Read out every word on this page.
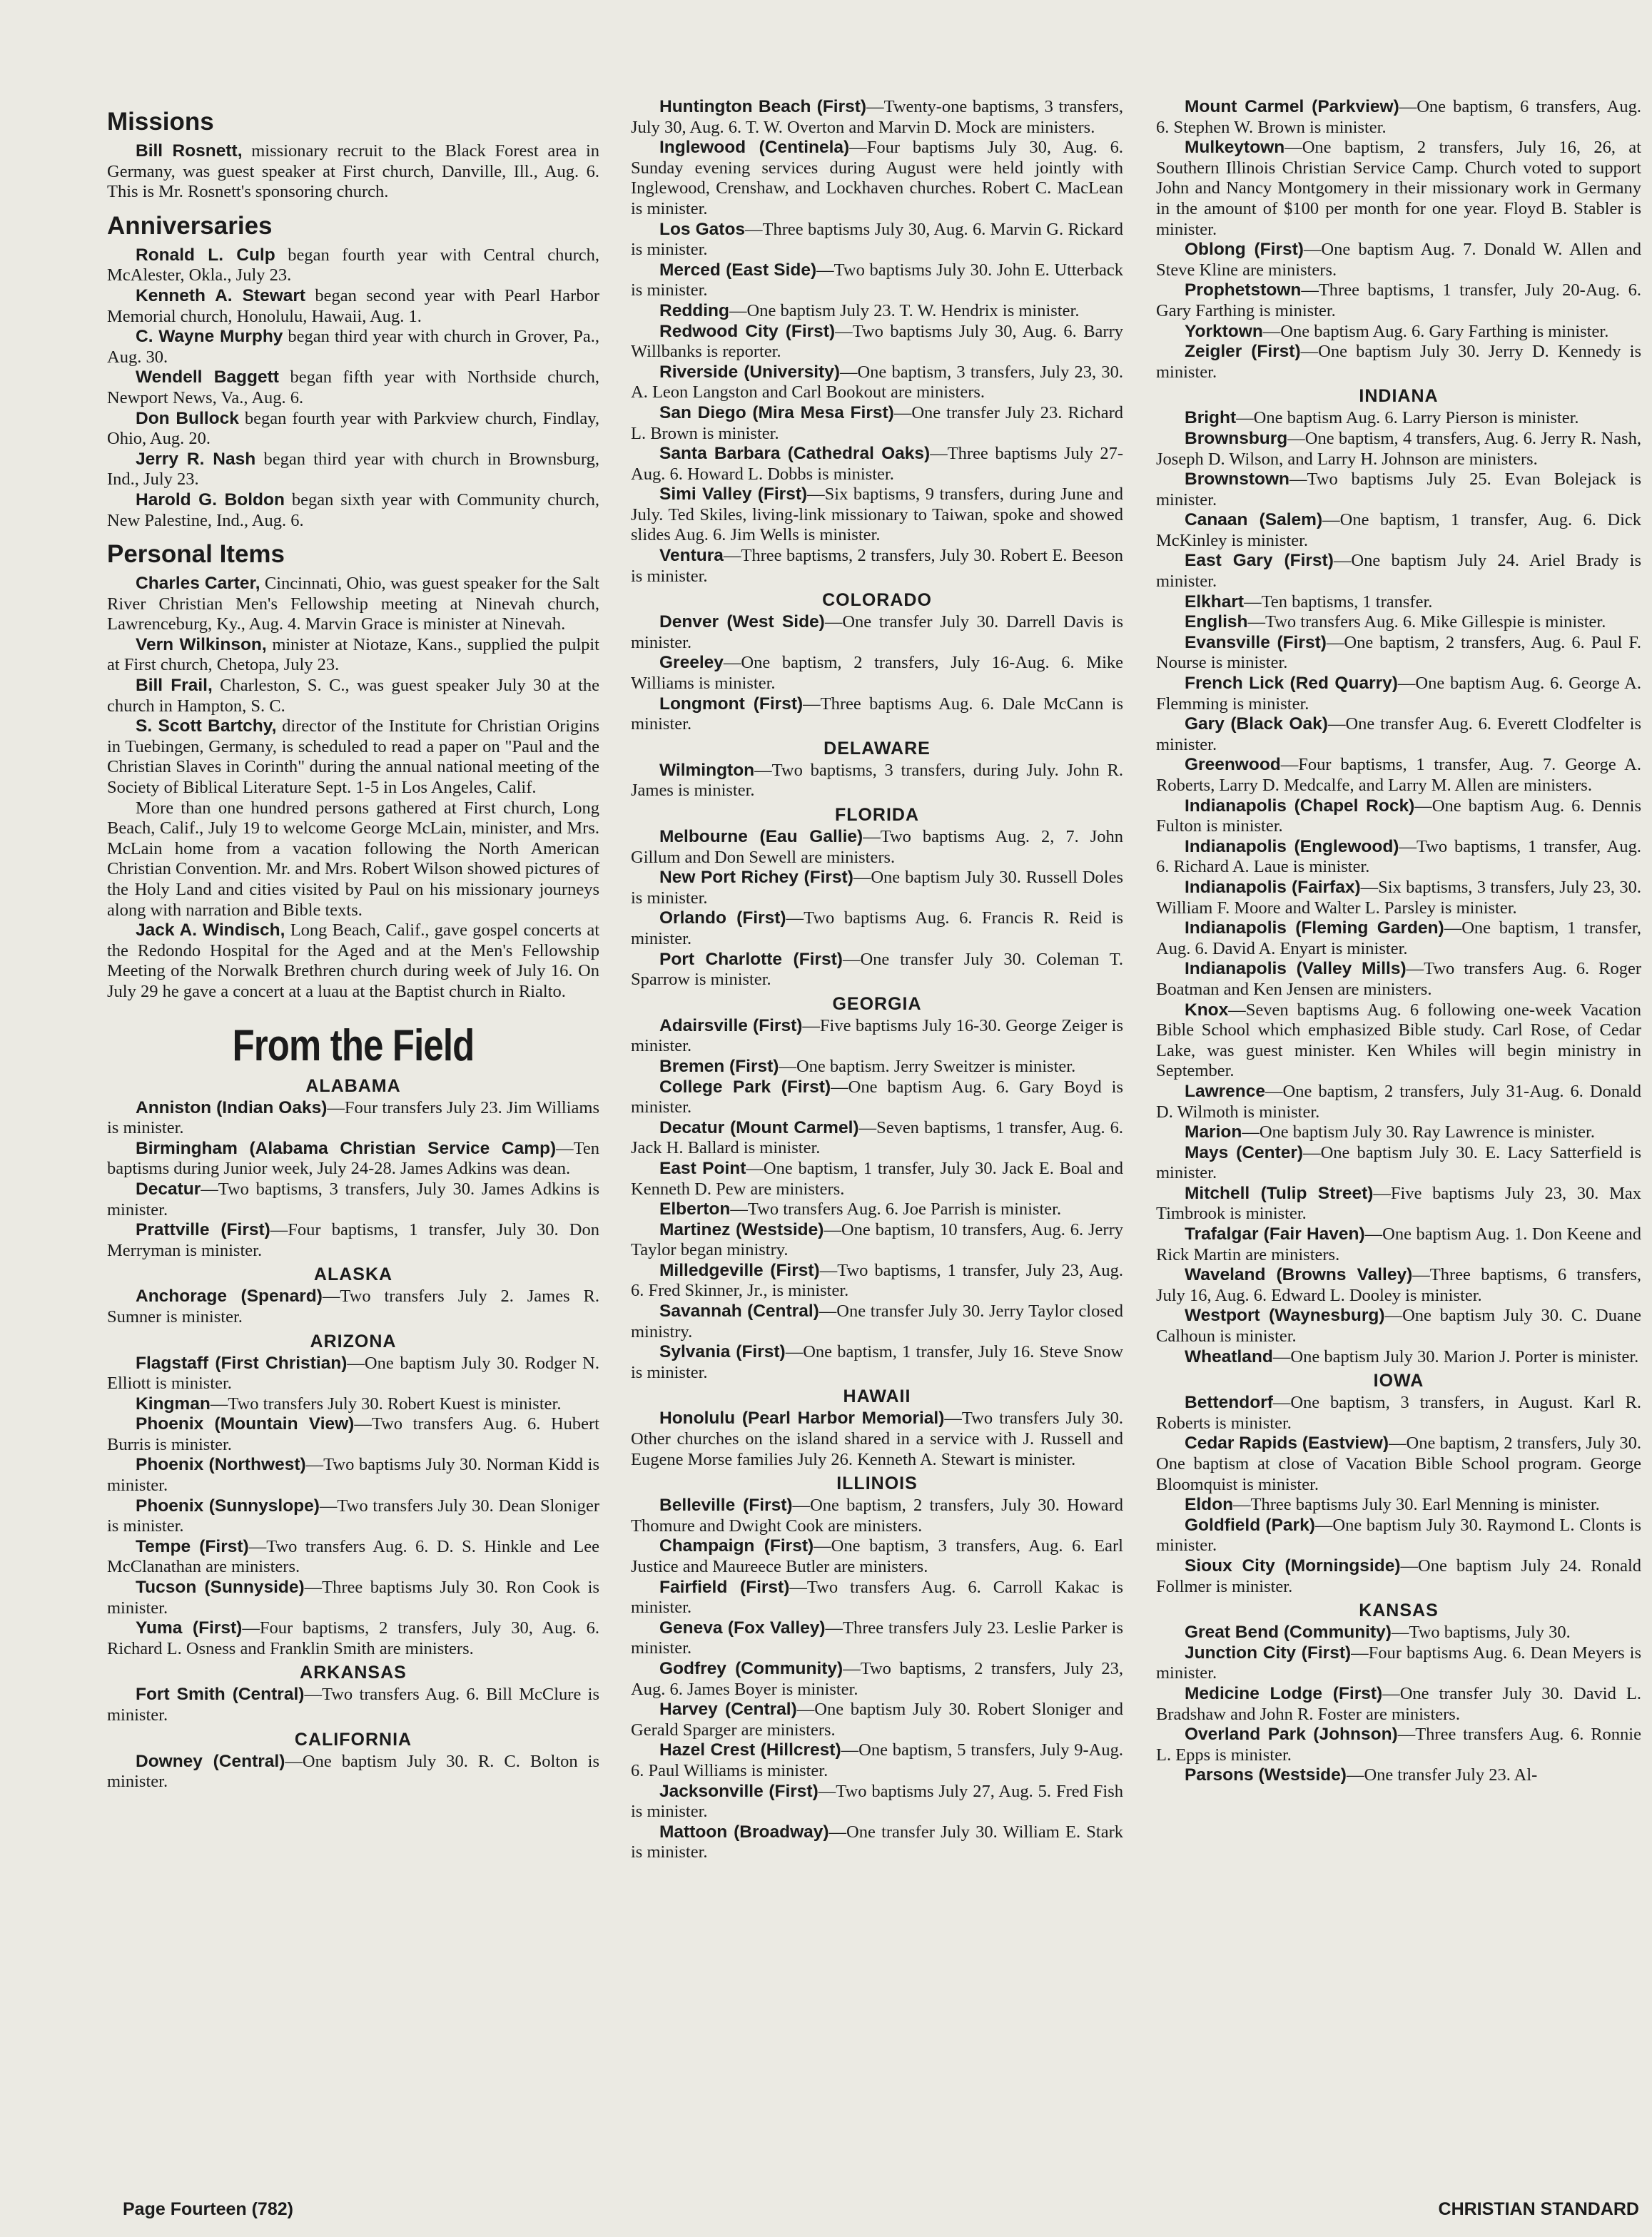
Missions

Bill Rosnett, missionary recruit to the Black Forest area in Germany, was guest speaker at First church, Danville, Ill., Aug. 6. This is Mr. Rosnett's sponsoring church.

Anniversaries

Ronald L. Culp began fourth year with Central church, McAlester, Okla., July 23.

Kenneth A. Stewart began second year with Pearl Harbor Memorial church, Honolulu, Hawaii, Aug. 1.

C. Wayne Murphy began third year with church in Grover, Pa., Aug. 30.

Wendell Baggett began fifth year with Northside church, Newport News, Va., Aug. 6.

Don Bullock began fourth year with Parkview church, Findlay, Ohio, Aug. 20.

Jerry R. Nash began third year with church in Brownsburg, Ind., July 23.

Harold G. Boldon began sixth year with Community church, New Palestine, Ind., Aug. 6.

Personal Items

Charles Carter, Cincinnati, Ohio, was guest speaker for the Salt River Christian Men's Fellowship meeting at Ninevah church, Lawrenceburg, Ky., Aug. 4. Marvin Grace is minister at Ninevah.

Vern Wilkinson, minister at Niotaze, Kans., supplied the pulpit at First church, Chetopa, July 23.

Bill Frail, Charleston, S. C., was guest speaker July 30 at the church in Hampton, S. C.

S. Scott Bartchy, director of the Institute for Christian Origins in Tuebingen, Germany, is scheduled to read a paper on "Paul and the Christian Slaves in Corinth" during the annual national meeting of the Society of Biblical Literature Sept. 1-5 in Los Angeles, Calif.

More than one hundred persons gathered at First church, Long Beach, Calif., July 19 to welcome George McLain, minister, and Mrs. McLain home from a vacation following the North American Christian Convention. Mr. and Mrs. Robert Wilson showed pictures of the Holy Land and cities visited by Paul on his missionary journeys along with narration and Bible texts.

Jack A. Windisch, Long Beach, Calif., gave gospel concerts at the Redondo Hospital for the Aged and at the Men's Fellowship Meeting of the Norwalk Brethren church during week of July 16. On July 29 he gave a concert at a luau at the Baptist church in Rialto.

From the Field
ALABAMA

Anniston (Indian Oaks)—Four transfers July 23. Jim Williams is minister.

Birmingham (Alabama Christian Service Camp)—Ten baptisms during Junior week, July 24-28. James Adkins was dean.

Decatur—Two baptisms, 3 transfers, July 30. James Adkins is minister.

Prattville (First)—Four baptisms, 1 transfer, July 30. Don Merryman is minister.

ALASKA

Anchorage (Spenard)—Two transfers July 2. James R. Sumner is minister.

ARIZONA

Flagstaff (First Christian)—One baptism July 30. Rodger N. Elliott is minister.

Kingman—Two transfers July 30. Robert Kuest is minister.

Phoenix (Mountain View)—Two transfers Aug. 6. Hubert Burris is minister.

Phoenix (Northwest)—Two baptisms July 30. Norman Kidd is minister.

Phoenix (Sunnyslope)—Two transfers July 30. Dean Sloniger is minister.

Tempe (First)—Two transfers Aug. 6. D. S. Hinkle and Lee McClanathan are ministers.

Tucson (Sunnyside)—Three baptisms July 30. Ron Cook is minister.

Yuma (First)—Four baptisms, 2 transfers, July 30, Aug. 6. Richard L. Osness and Franklin Smith are ministers.

ARKANSAS

Fort Smith (Central)—Two transfers Aug. 6. Bill McClure is minister.

CALIFORNIA

Downey (Central)—One baptism July 30. R. C. Bolton is minister.

Huntington Beach (First)—Twenty-one baptisms, 3 transfers, July 30, Aug. 6. T. W. Overton and Marvin D. Mock are ministers.

Inglewood (Centinela)—Four baptisms July 30, Aug. 6. Sunday evening services during August were held jointly with Inglewood, Crenshaw, and Lockhaven churches. Robert C. MacLean is minister.

Los Gatos—Three baptisms July 30, Aug. 6. Marvin G. Rickard is minister.

Merced (East Side)—Two baptisms July 30. John E. Utterback is minister.

Redding—One baptism July 23. T. W. Hendrix is minister.

Redwood City (First)—Two baptisms July 30, Aug. 6. Barry Willbanks is reporter.

Riverside (University)—One baptism, 3 transfers, July 23, 30. A. Leon Langston and Carl Bookout are ministers.

San Diego (Mira Mesa First)—One transfer July 23. Richard L. Brown is minister.

Santa Barbara (Cathedral Oaks)—Three baptisms July 27-Aug. 6. Howard L. Dobbs is minister.

Simi Valley (First)—Six baptisms, 9 transfers, during June and July. Ted Skiles, living-link missionary to Taiwan, spoke and showed slides Aug. 6. Jim Wells is minister.

Ventura—Three baptisms, 2 transfers, July 30. Robert E. Beeson is minister.

COLORADO

Denver (West Side)—One transfer July 30. Darrell Davis is minister.

Greeley—One baptism, 2 transfers, July 16-Aug. 6. Mike Williams is minister.

Longmont (First)—Three baptisms Aug. 6. Dale McCann is minister.

DELAWARE

Wilmington—Two baptisms, 3 transfers, during July. John R. James is minister.

FLORIDA

Melbourne (Eau Gallie)—Two baptisms Aug. 2, 7. John Gillum and Don Sewell are ministers.

New Port Richey (First)—One baptism July 30. Russell Doles is minister.

Orlando (First)—Two baptisms Aug. 6. Francis R. Reid is minister.

Port Charlotte (First)—One transfer July 30. Coleman T. Sparrow is minister.

GEORGIA

Adairsville (First)—Five baptisms July 16-30. George Zeiger is minister.

Bremen (First)—One baptism. Jerry Sweitzer is minister.

College Park (First)—One baptism Aug. 6. Gary Boyd is minister.

Decatur (Mount Carmel)—Seven baptisms, 1 transfer, Aug. 6. Jack H. Ballard is minister.

East Point—One baptism, 1 transfer, July 30. Jack E. Boal and Kenneth D. Pew are ministers.

Elberton—Two transfers Aug. 6. Joe Parrish is minister.

Martinez (Westside)—One baptism, 10 transfers, Aug. 6. Jerry Taylor began ministry.

Milledgeville (First)—Two baptisms, 1 transfer, July 23, Aug. 6. Fred Skinner, Jr., is minister.

Savannah (Central)—One transfer July 30. Jerry Taylor closed ministry.

Sylvania (First)—One baptism, 1 transfer, July 16. Steve Snow is minister.

HAWAII

Honolulu (Pearl Harbor Memorial)—Two transfers July 30. Other churches on the island shared in a service with J. Russell and Eugene Morse families July 26. Kenneth A. Stewart is minister.

ILLINOIS

Belleville (First)—One baptism, 2 transfers, July 30. Howard Thomure and Dwight Cook are ministers.

Champaign (First)—One baptism, 3 transfers, Aug. 6. Earl Justice and Maureece Butler are ministers.

Fairfield (First)—Two transfers Aug. 6. Carroll Kakac is minister.

Geneva (Fox Valley)—Three transfers July 23. Leslie Parker is minister.

Godfrey (Community)—Two baptisms, 2 transfers, July 23, Aug. 6. James Boyer is minister.

Harvey (Central)—One baptism July 30. Robert Sloniger and Gerald Sparger are ministers.

Hazel Crest (Hillcrest)—One baptism, 5 transfers, July 9-Aug. 6. Paul Williams is minister.

Jacksonville (First)—Two baptisms July 27, Aug. 5. Fred Fish is minister.

Mattoon (Broadway)—One transfer July 30. William E. Stark is minister.

Mount Carmel (Parkview)—One baptism, 6 transfers, Aug. 6. Stephen W. Brown is minister.

Mulkeytown—One baptism, 2 transfers, July 16, 26, at Southern Illinois Christian Service Camp. Church voted to support John and Nancy Montgomery in their missionary work in Germany in the amount of $100 per month for one year. Floyd B. Stabler is minister.

Oblong (First)—One baptism Aug. 7. Donald W. Allen and Steve Kline are ministers.

Prophetstown—Three baptisms, 1 transfer, July 20-Aug. 6. Gary Farthing is minister.

Yorktown—One baptism Aug. 6. Gary Farthing is minister.

Zeigler (First)—One baptism July 30. Jerry D. Kennedy is minister.

INDIANA

Bright—One baptism Aug. 6. Larry Pierson is minister.

Brownsburg—One baptism, 4 transfers, Aug. 6. Jerry R. Nash, Joseph D. Wilson, and Larry H. Johnson are ministers.

Brownstown—Two baptisms July 25. Evan Bolejack is minister.

Canaan (Salem)—One baptism, 1 transfer, Aug. 6. Dick McKinley is minister.

East Gary (First)—One baptism July 24. Ariel Brady is minister.

Elkhart—Ten baptisms, 1 transfer.

English—Two transfers Aug. 6. Mike Gillespie is minister.

Evansville (First)—One baptism, 2 transfers, Aug. 6. Paul F. Nourse is minister.

French Lick (Red Quarry)—One baptism Aug. 6. George A. Flemming is minister.

Gary (Black Oak)—One transfer Aug. 6. Everett Clodfelter is minister.

Greenwood—Four baptisms, 1 transfer, Aug. 7. George A. Roberts, Larry D. Medcalfe, and Larry M. Allen are ministers.

Indianapolis (Chapel Rock)—One baptism Aug. 6. Dennis Fulton is minister.

Indianapolis (Englewood)—Two baptisms, 1 transfer, Aug. 6. Richard A. Laue is minister.

Indianapolis (Fairfax)—Six baptisms, 3 transfers, July 23, 30. William F. Moore and Walter L. Parsley is minister.

Indianapolis (Fleming Garden)—One baptism, 1 transfer, Aug. 6. David A. Enyart is minister.

Indianapolis (Valley Mills)—Two transfers Aug. 6. Roger Boatman and Ken Jensen are ministers.

Knox—Seven baptisms Aug. 6 following one-week Vacation Bible School which emphasized Bible study. Carl Rose, of Cedar Lake, was guest minister. Ken Whiles will begin ministry in September.

Lawrence—One baptism, 2 transfers, July 31-Aug. 6. Donald D. Wilmoth is minister.

Marion—One baptism July 30. Ray Lawrence is minister.

Mays (Center)—One baptism July 30. E. Lacy Satterfield is minister.

Mitchell (Tulip Street)—Five baptisms July 23, 30. Max Timbrook is minister.

Trafalgar (Fair Haven)—One baptism Aug. 1. Don Keene and Rick Martin are ministers.

Waveland (Browns Valley)—Three baptisms, 6 transfers, July 16, Aug. 6. Edward L. Dooley is minister.

Westport (Waynesburg)—One baptism July 30. C. Duane Calhoun is minister.

Wheatland—One baptism July 30. Marion J. Porter is minister.

IOWA

Bettendorf—One baptism, 3 transfers, in August. Karl R. Roberts is minister.

Cedar Rapids (Eastview)—One baptism, 2 transfers, July 30. One baptism at close of Vacation Bible School program. George Bloomquist is minister.

Eldon—Three baptisms July 30. Earl Menning is minister.

Goldfield (Park)—One baptism July 30. Raymond L. Clonts is minister.

Sioux City (Morningside)—One baptism July 24. Ronald Follmer is minister.

KANSAS

Great Bend (Community)—Two baptisms, July 30.

Junction City (First)—Four baptisms Aug. 6. Dean Meyers is minister.

Medicine Lodge (First)—One transfer July 30. David L. Bradshaw and John R. Foster are ministers.

Overland Park (Johnson)—Three transfers Aug. 6. Ronnie L. Epps is minister.

Parsons (Westside)—One transfer July 23. Al-

Page Fourteen (782)	CHRISTIAN STANDARD
